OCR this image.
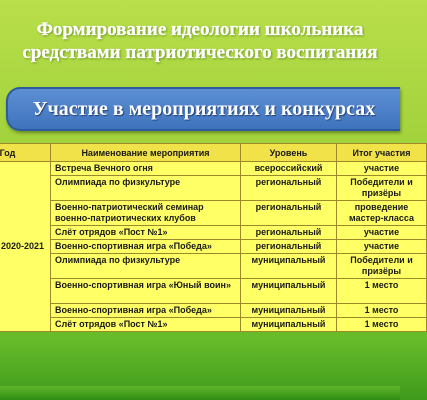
Формирование идеологии школьника
средствами патриотического воспитания
Участие в мероприятиях и конкурсах
Год	Наименование мероприятия	Уровень	Итог участия
2020-2021	Встреча Вечного огня	всероссийский	участие
	Олимпиада по физкультуре	региональный	Победители и призёры
	Военно-патриотический семинар военно-патриотических клубов	региональный	проведение мастер-класса
	Слёт отрядов «Пост №1»	региональный	участие
	Военно-спортивная игра «Победа»	региональный	участие
	Олимпиада по физкультуре	муниципальный	Победители и призёры
	Военно-спортивная игра «Юный воин»	муниципальный	1 место
	Военно-спортивная игра «Победа»	муниципальный	1 место
	Слёт отрядов «Пост №1»	муниципальный	1 место
